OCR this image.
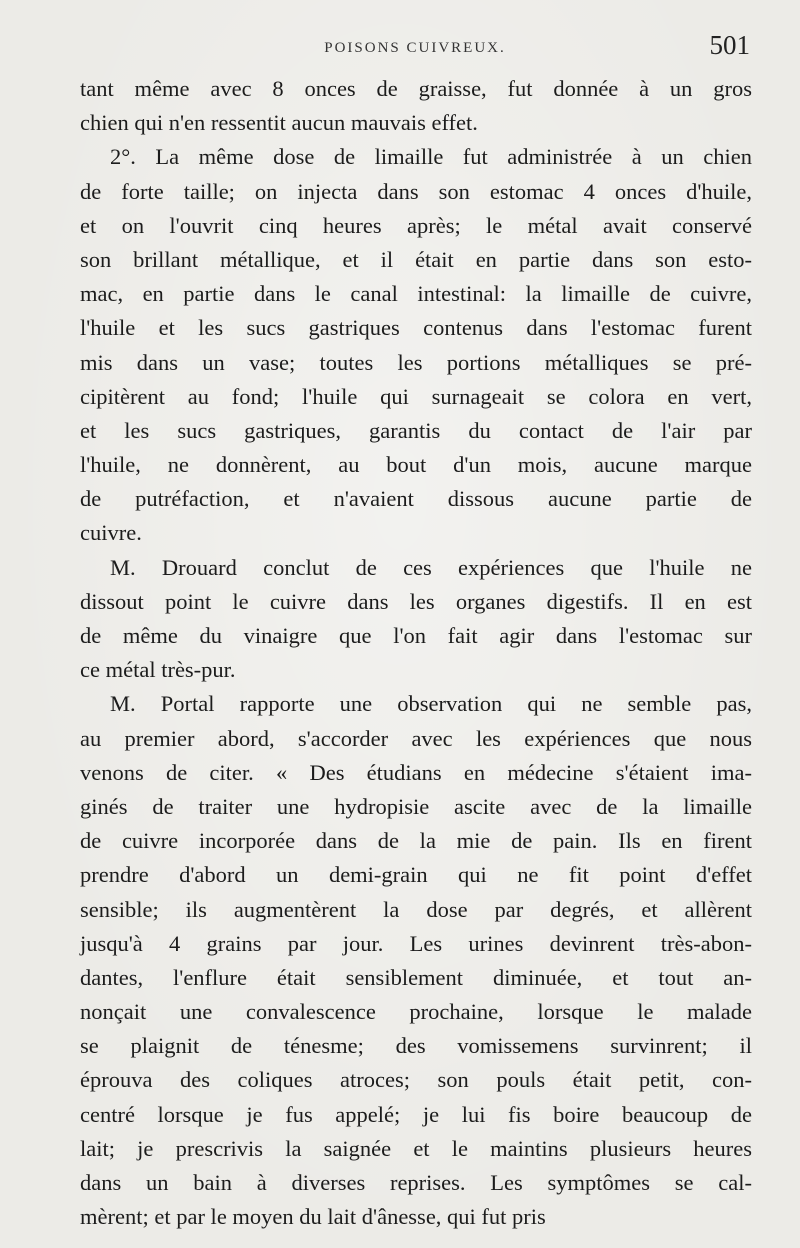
POISONS CUIVREUX.	501
tant même avec 8 onces de graisse, fut donnée à un gros
chien qui n'en ressentit aucun mauvais effet.
2°. La même dose de limaille fut administrée à un chien
de forte taille; on injecta dans son estomac 4 onces d'huile,
et on l'ouvrit cinq heures après; le métal avait conservé
son brillant métallique, et il était en partie dans son esto-
mac, en partie dans le canal intestinal: la limaille de cuivre,
l'huile et les sucs gastriques contenus dans l'estomac furent
mis dans un vase; toutes les portions métalliques se pré-
cipitèrent au fond; l'huile qui surnageait se colora en vert,
et les sucs gastriques, garantis du contact de l'air par
l'huile, ne donnèrent, au bout d'un mois, aucune marque
de putréfaction, et n'avaient dissous aucune partie de
cuivre.
M. Drouard conclut de ces expériences que l'huile ne
dissout point le cuivre dans les organes digestifs. Il en est
de même du vinaigre que l'on fait agir dans l'estomac sur
ce métal très-pur.
M. Portal rapporte une observation qui ne semble pas,
au premier abord, s'accorder avec les expériences que nous
venons de citer. « Des étudians en médecine s'étaient ima-
ginés de traiter une hydropisie ascite avec de la limaille
de cuivre incorporée dans de la mie de pain. Ils en firent
prendre d'abord un demi-grain qui ne fit point d'effet
sensible; ils augmentèrent la dose par degrés, et allèrent
jusqu'à 4 grains par jour. Les urines devinrent très-abon-
dantes, l'enflure était sensiblement diminuée, et tout an-
nonçait une convalescence prochaine, lorsque le malade
se plaignit de ténesme; des vomissemens survinrent; il
éprouva des coliques atroces; son pouls était petit, con-
centré lorsque je fus appelé; je lui fis boire beaucoup de
lait; je prescrivis la saignée et le maintins plusieurs heures
dans un bain à diverses reprises. Les symptômes se cal-
mèrent; et par le moyen du lait d'ânesse, qui fut pris
